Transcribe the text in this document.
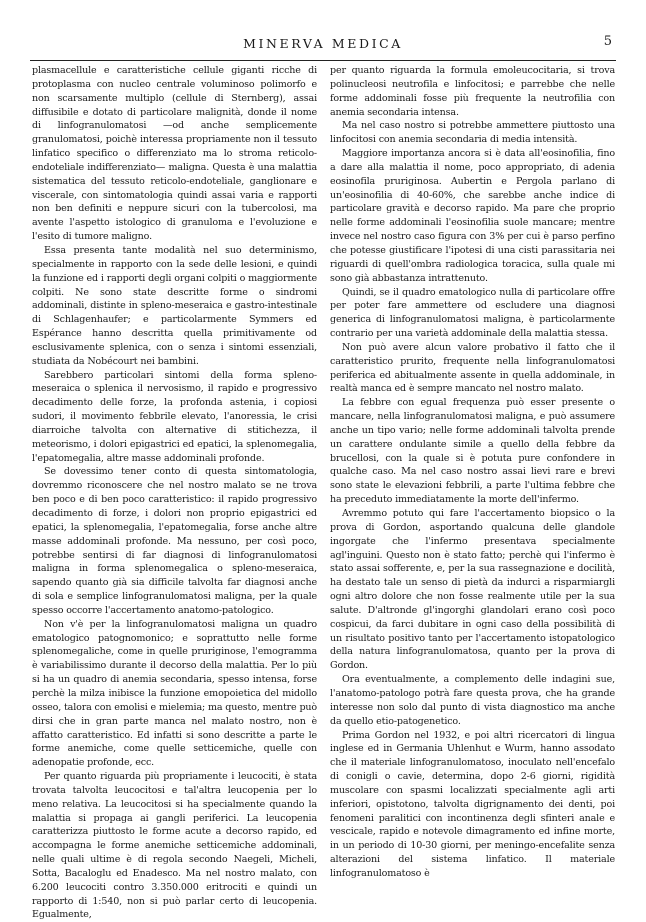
MINERVA MEDICA	5

plasmacellule e caratteristiche cellule giganti ricche di protoplasma con nucleo centrale voluminoso polimorfo e non scarsamente multiplo (cellule di Sternberg), assai diffusibile e dotato di particolare malignità, donde il nome di linfogranulomatosi —od anche semplicemente granulomatosi, poichè interessa propriamente non il tessuto linfatico specifico o differenziato ma lo stroma reticolo-endoteliale indifferenziato— maligna. Questa è una malattia sistematica del tessuto reticolo-endoteliale, ganglionare e viscerale, con sintomatologia quindi assai varia e rapporti non ben definiti e neppure sicuri con la tubercolosi, ma avente l'aspetto istologico di granuloma e l'evoluzione e l'esito di tumore maligno.

Essa presenta tante modalità nel suo determinismo, specialmente in rapporto con la sede delle lesioni, e quindi la funzione ed i rapporti degli organi colpiti o maggiormente colpiti. Ne sono state descritte forme o sindromi addominali, distinte in spleno-meseraica e gastro-intestinale di Schlagenhaufer; e particolarmente Symmers ed Espérance hanno descritta quella primitivamente od esclusivamente splenica, con o senza i sintomi essenziali, studiata da Nobécourt nei bambini.

Sarebbero particolari sintomi della forma spleno-meseraica o splenica il nervosismo, il rapido e progressivo decadimento delle forze, la profonda astenia, i copiosi sudori, il movimento febbrile elevato, l'anoressia, le crisi diarroiche talvolta con alternative di stitichezza, il meteorismo, i dolori epigastrici ed epatici, la splenomegalia, l'epatomegalia, altre masse addominali profonde.

Se dovessimo tener conto di questa sintomatologia, dovremmo riconoscere che nel nostro malato se ne trova ben poco e di ben poco caratteristico: il rapido progressivo decadimento di forze, i dolori non proprio epigastrici ed epatici, la splenomegalia, l'epatomegalia, forse anche altre masse addominali profonde. Ma nessuno, per così poco, potrebbe sentirsi di far diagnosi di linfogranulomatosi maligna in forma splenomegalica o spleno-meseraica, sapendo quanto già sia difficile talvolta far diagnosi anche di sola e semplice linfogranulomatosi maligna, per la quale spesso occorre l'accertamento anatomo-patologico.

Non v'è per la linfogranulomatosi maligna un quadro ematologico patognomonico; e soprattutto nelle forme splenomegaliche, come in quelle pruriginose, l'emogramma è variabilissimo durante il decorso della malattia. Per lo più si ha un quadro di anemia secondaria, spesso intensa, forse perchè la milza inibisce la funzione emopoietica del midollo osseo, talora con emolisi e mielemia; ma questo, mentre può dirsi che in gran parte manca nel malato nostro, non è affatto caratteristico. Ed infatti si sono descritte a parte le forme anemiche, come quelle setticemiche, quelle con adenopatie profonde, ecc.

Per quanto riguarda più propriamente i leucociti, è stata trovata talvolta leucocitosi e tal'altra leucopenia per lo meno relativa. La leucocitosi si ha specialmente quando la malattia si propaga ai gangli periferici. La leucopenia caratterizza piuttosto le forme acute a decorso rapido, ed accompagna le forme anemiche setticemiche addominali, nelle quali ultime è di regola secondo Naegeli, Micheli, Sotta, Bacaloglu ed Enadesco. Ma nel nostro malato, con 6.200 leucociti contro 3.350.000 eritrociti e quindi un rapporto di 1:540, non si può parlar certo di leucopenia. Egualmente,

per quanto riguarda la formula emoleucocitaria, si trova polinucleosi neutrofila e linfocitosi; e parrebbe che nelle forme addominali fosse più frequente la neutrofilia con anemia secondaria intensa.

Ma nel caso nostro si potrebbe ammettere piuttosto una linfocitosi con anemia secondaria di media intensità.

Maggiore importanza ancora si è data all'eosinofilia, fino a dare alla malattia il nome, poco appropriato, di adenia eosinofila pruriginosa. Aubertin e Pergola parlano di un'eosinofilia di 40-60%, che sarebbe anche indice di particolare gravità e decorso rapido. Ma pare che proprio nelle forme addominali l'eosinofilia suole mancare; mentre invece nel nostro caso figura con 3% per cui è parso perfino che potesse giustificare l'ipotesi di una cisti parassitaria nei riguardi di quell'ombra radiologica toracica, sulla quale mi sono già abbastanza intrattenuto.

Quindi, se il quadro ematologico nulla di particolare offre per poter fare ammettere od escludere una diagnosi generica di linfogranulomatosi maligna, è particolarmente contrario per una varietà addominale della malattia stessa.

Non può avere alcun valore probativo il fatto che il caratteristico prurito, frequente nella linfogranulomatosi periferica ed abitualmente assente in quella addominale, in realtà manca ed è sempre mancato nel nostro malato.

La febbre con egual frequenza può esser presente o mancare, nella linfogranulomatosi maligna, e può assumere anche un tipo vario; nelle forme addominali talvolta prende un carattere ondulante simile a quello della febbre da brucellosi, con la quale si è potuta pure confondere in qualche caso. Ma nel caso nostro assai lievi rare e brevi sono state le elevazioni febbrili, a parte l'ultima febbre che ha preceduto immediatamente la morte dell'infermo.

Avremmo potuto qui fare l'accertamento biopsico o la prova di Gordon, asportando qualcuna delle glandole ingorgate che l'infermo presentava specialmente agl'inguini. Questo non è stato fatto; perchè qui l'infermo è stato assai sofferente, e, per la sua rassegnazione e docilità, ha destato tale un senso di pietà da indurci a risparmiargli ogni altro dolore che non fosse realmente utile per la sua salute. D'altronde gl'ingorghi glandolari erano così poco cospicui, da farci dubitare in ogni caso della possibilità di un risultato positivo tanto per l'accertamento istopatologico della natura linfogranulomatosa, quanto per la prova di Gordon.

Ora eventualmente, a complemento delle indagini sue, l'anatomo-patologo potrà fare questa prova, che ha grande interesse non solo dal punto di vista diagnostico ma anche da quello etio-patogenetico.

Prima Gordon nel 1932, e poi altri ricercatori di lingua inglese ed in Germania Uhlenhut e Wurm, hanno assodato che il materiale linfogranulomatoso, inoculato nell'encefalo di conigli o cavie, determina, dopo 2-6 giorni, rigidità muscolare con spasmi localizzati specialmente agli arti inferiori, opistotono, talvolta digrignamento dei denti, poi fenomeni paralitici con incontinenza degli sfinteri anale e vescicale, rapido e notevole dimagramento ed infine morte, in un periodo di 10-30 giorni, per meningo-encefalite senza alterazioni del sistema linfatico. Il materiale linfogranulomatoso è
